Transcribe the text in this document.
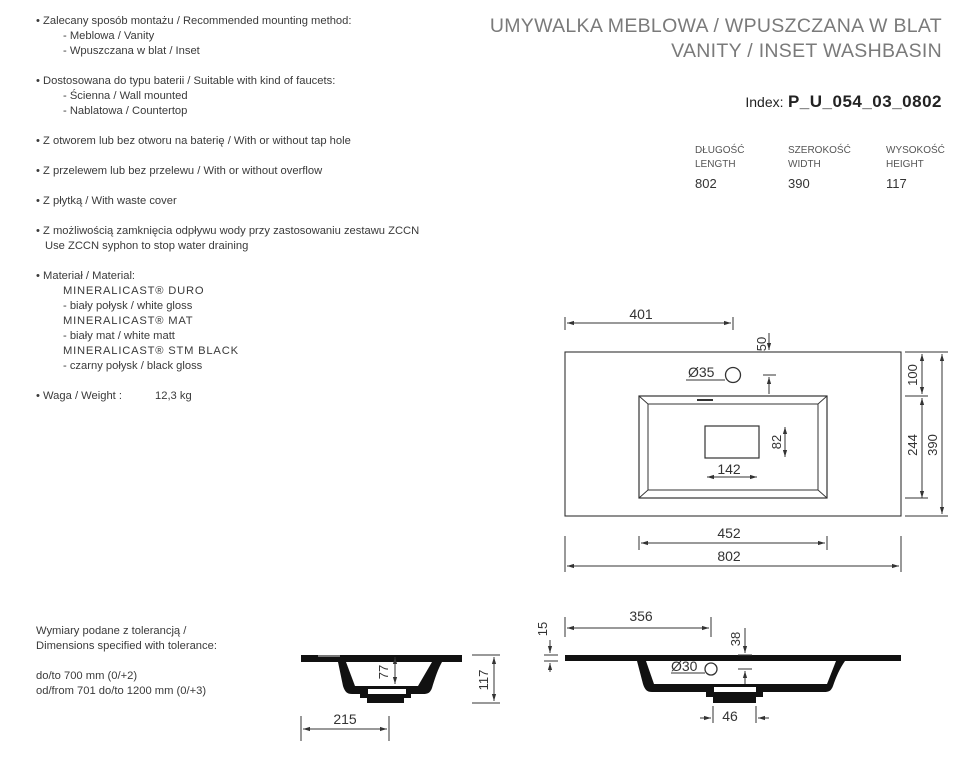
• Zalecany sposób montażu / Recommended mounting method:
- Meblowa / Vanity
- Wpuszczana w blat / Inset
• Dostosowana do typu baterii / Suitable with kind of faucets:
- Ścienna / Wall mounted
- Nablatowa / Countertop
• Z otworem lub bez otworu na baterię / With or without tap hole
• Z przelewem lub bez przelewu / With or without overflow
• Z płytką / With waste cover
• Z możliwością zamknięcia odpływu wody przy zastosowaniu zestawu ZCCN
Use ZCCN syphon to stop water draining
• Materiał / Material:
MINERALICAST® DURO
- biały połysk / white gloss
MINERALICAST® MAT
- biały mat / white matt
MINERALICAST® STM BLACK
- czarny połysk / black gloss
• Waga / Weight :	12,3 kg
UMYWALKA MEBLOWA / WPUSZCZANA W BLAT
VANITY / INSET WASHBASIN
Index: P_U_054_03_0802
DŁUGOŚĆ
LENGTH
802
SZEROKOŚĆ
WIDTH
390
WYSOKOŚĆ
HEIGHT
117
Wymiary podane z tolerancją /
Dimensions specified with tolerance:
do/to 700 mm (0/+2)
od/from 701 do/to 1200 mm (0/+3)
401
50
Ø35
82
142
100
244 390
452
802
77	117
215
15
356
38
Ø30
46
